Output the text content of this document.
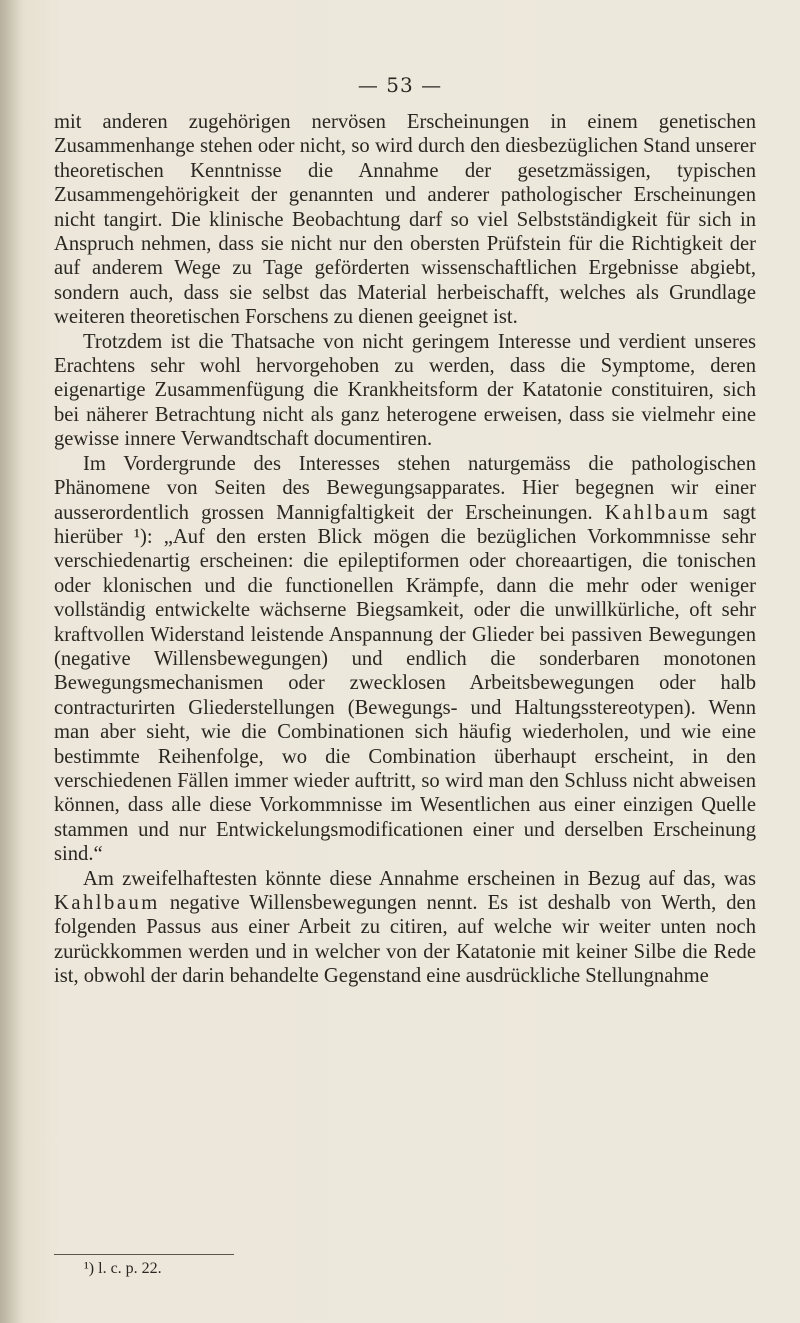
— 53 —

mit anderen zugehörigen nervösen Erscheinungen in einem genetischen Zusammenhange stehen oder nicht, so wird durch den diesbezüglichen Stand unserer theoretischen Kenntnisse die Annahme der gesetzmässigen, typischen Zusammengehörigkeit der genannten und anderer pathologischer Erscheinungen nicht tangirt. Die klinische Beobachtung darf so viel Selbstständigkeit für sich in Anspruch nehmen, dass sie nicht nur den obersten Prüfstein für die Richtigkeit der auf anderem Wege zu Tage geförderten wissenschaftlichen Ergebnisse abgiebt, sondern auch, dass sie selbst das Material herbeischafft, welches als Grundlage weiteren theoretischen Forschens zu dienen geeignet ist.

Trotzdem ist die Thatsache von nicht geringem Interesse und verdient unseres Erachtens sehr wohl hervorgehoben zu werden, dass die Symptome, deren eigenartige Zusammenfügung die Krankheitsform der Katatonie constituiren, sich bei näherer Betrachtung nicht als ganz heterogene erweisen, dass sie vielmehr eine gewisse innere Verwandtschaft documentiren.

Im Vordergrunde des Interesses stehen naturgemäss die pathologischen Phänomene von Seiten des Bewegungsapparates. Hier begegnen wir einer ausserordentlich grossen Mannigfaltigkeit der Erscheinungen. Kahlbaum sagt hierüber ¹): „Auf den ersten Blick mögen die bezüglichen Vorkommnisse sehr verschiedenartig erscheinen: die epileptiformen oder choreaartigen, die tonischen oder klonischen und die functionellen Krämpfe, dann die mehr oder weniger vollständig entwickelte wächserne Biegsamkeit, oder die unwillkürliche, oft sehr kraftvollen Widerstand leistende Anspannung der Glieder bei passiven Bewegungen (negative Willensbewegungen) und endlich die sonderbaren monotonen Bewegungsmechanismen oder zwecklosen Arbeitsbewegungen oder halb contracturirten Gliederstellungen (Bewegungs- und Haltungsstereotypen). Wenn man aber sieht, wie die Combinationen sich häufig wiederholen, und wie eine bestimmte Reihenfolge, wo die Combination überhaupt erscheint, in den verschiedenen Fällen immer wieder auftritt, so wird man den Schluss nicht abweisen können, dass alle diese Vorkommnisse im Wesentlichen aus einer einzigen Quelle stammen und nur Entwickelungsmodificationen einer und derselben Erscheinung sind.“

Am zweifelhaftesten könnte diese Annahme erscheinen in Bezug auf das, was Kahlbaum negative Willensbewegungen nennt. Es ist deshalb von Werth, den folgenden Passus aus einer Arbeit zu citiren, auf welche wir weiter unten noch zurückkommen werden und in welcher von der Katatonie mit keiner Silbe die Rede ist, obwohl der darin behandelte Gegenstand eine ausdrückliche Stellungnahme

¹) l. c. p. 22.
